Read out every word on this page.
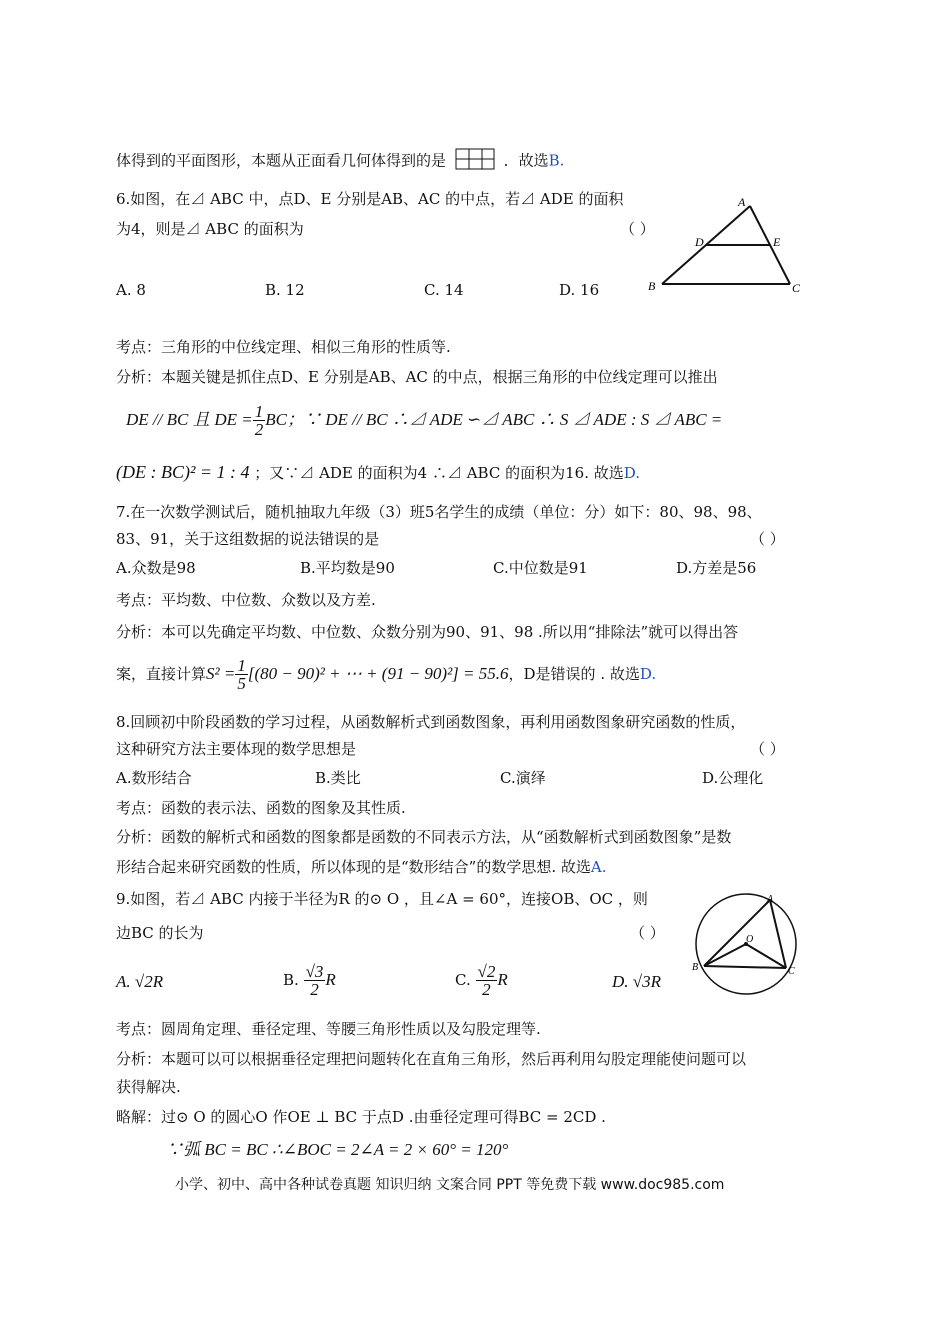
体得到的平面图形，本题从正面看几何体得到的是	．故选B.
6.如图，在⊿ ABC 中，点D、E 分别是AB、AC 的中点，若⊿ ADE 的面积
为4，则是⊿ ABC 的面积为	（ ）
A. 8	B. 12	C. 14	D. 16
A
D	E
B	C
考点：三角形的中位线定理、相似三角形的性质等.
分析：本题关键是抓住点D、E 分别是AB、AC 的中点，根据三角形的中位线定理可以推出
DE // BC 且
DE = $\frac{1}{2}$ BC；∵ DE // BC ∴⊿ ADE ∽⊿ ABC ∴ S ⊿ ADE : S ⊿ ABC =
(DE : BC)² = 1 : 4 ；又∵⊿ ADE 的面积为4 ∴⊿ ABC 的面积为16. 故选D.
7.在一次数学测试后，随机抽取九年级（3）班5名学生的成绩（单位：分）如下：80、98、98、
83、91，关于这组数据的说法错误的是	（ ）
A.众数是98	B.平均数是90	C.中位数是91	D.方差是56
考点：平均数、中位数、众数以及方差.
分析：本可以先确定平均数、中位数、众数分别为90、91、98 .所以用“排除法”就可以得出答
案，直接计算 $S^2 = \frac{1}{5} [(80 - 90)^2$ + ⋯ + (91 − 90)²] = 55.6 ，D是错误的 . 故选 D.
8.回顾初中阶段函数的学习过程，从函数解析式到函数图象，再利用函数图象研究函数的性质，
这种研究方法主要体现的数学思想是	（ ）
A.数形结合	B.类比	C.演绎	D.公理化
考点：函数的表示法、函数的图象及其性质.
分析：函数的解析式和函数的图象都是函数的不同表示方法，从“函数解析式到函数图象”是数
形结合起来研究函数的性质，所以体现的是“数形结合”的数学思想. 故选A.
9.如图，若⊿ ABC 内接于半径为R 的⊙ O ，且∠A = 60°，连接OB、OC ，则
边BC 的长为	（ ）
A. √2R	B.
$\frac{√3}{2}$ R	C.
$\frac{√2}{2}$ R	D. √3R
A
O
B	C
考点：圆周角定理、垂径定理、等腰三角形性质以及勾股定理等.
分析：本题可以可以根据垂径定理把问题转化在直角三角形，然后再利用勾股定理能使问题可以
获得解决.
略解：过⊙ O 的圆心O 作OE ⊥ BC 于点D .由垂径定理可得BC = 2CD .
∵弧 BC = BC ∴∠BOC = 2∠A = 2 × 60° = 120°
小学、初中、高中各种试卷真题 知识归纳 文案合同 PPT 等免费下载 www.doc985.com
